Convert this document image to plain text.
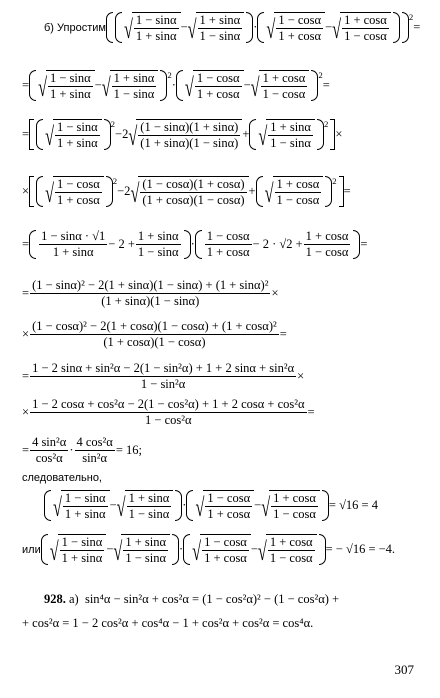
б) Упростим √ $\frac{1 - \sin\alpha}{1 + \sin\alpha}$ − √ $\frac{1 + \sin\alpha}{1 - \sin\alpha}$ · √ $\frac{1 - \cos\alpha}{1 + \cos\alpha}$ − √ $\frac{1 + \cos\alpha}{1 - \cos\alpha} ^2$
=
= √ $\frac{1 - \sin\alpha}{1 + \sin\alpha}$ − √ $\frac{1 + \sin\alpha}{1 - \sin\alpha} ^2$
· √ $\frac{1 - \cos\alpha}{1 + \cos\alpha}$ − √ $\frac{1 + \cos\alpha}{1 - \cos\alpha} ^2$
=
= √ $\frac{1 - \sin\alpha}{1 + \sin\alpha} ^2$
−2 √ $\frac{(1 - \sin\alpha)(1 + \sin\alpha)}{(1 + \sin\alpha)(1 - \sin\alpha)}$ + √ $\frac{1 + \sin\alpha}{1 - \sin\alpha} ^2$
×
× √ $\frac{1 - \cos\alpha}{1 + \cos\alpha} ^2$
−2 √ $\frac{(1 - \cos\alpha)(1 + \cos\alpha)}{(1 + \cos\alpha)(1 - \cos\alpha)}$ + √ $\frac{1 + \cos\alpha}{1 - \cos\alpha} ^2$
=
= $\frac{1 - \sin\alpha \cdot √1}{1 + \sin\alpha} - 2 + \frac{1 + \sin\alpha}{1 - \sin\alpha} \cdot \frac{1 - \cos\alpha}{1 + \cos\alpha} - 2 \cdot √2 + \frac{1 + \cos\alpha}{1 - \cos\alpha}$ =
= $\frac{\text{(1 − sinα)² − 2(1 + sinα)(1 − sinα) + (1 + sinα)²}}{(1 + \sin\alpha)(1 - \sin\alpha)}$ ×
× $\frac{\text{(1 − cosα)² − 2(1 + cosα)(1 − cosα) + (1 + cosα)²}}{(1 + \cos\alpha)(1 - \cos\alpha)}$ =
= $\frac{\text{1 − 2 sinα + sin²α − 2(1 − sin²α) + 1 + 2 sinα + sin²α}}{\text{1 − sin²α}}$ ×
× $\frac{\text{1 − 2 cosα + cos²α − 2(1 − cos²α) + 1 + 2 cosα + cos²α}}{\text{1 − cos²α}}$ =
= $\frac{\text{4 sin²α}}{\text{cos²α}} \cdot \frac{\text{4 cos²α}}{\text{sin²α}} = 16$;
следовательно,
√ $\frac{1 - \sin\alpha}{1 + \sin\alpha}$ − √ $\frac{1 + \sin\alpha}{1 - \sin\alpha}$ · √ $\frac{1 - \cos\alpha}{1 + \cos\alpha}$ − √ $\frac{1 + \cos\alpha}{1 - \cos\alpha} = √16 = 4$
или √ $\frac{1 - \sin\alpha}{1 + \sin\alpha}$ − √ $\frac{1 + \sin\alpha}{1 - \sin\alpha}$ · √ $\frac{1 - \cos\alpha}{1 + \cos\alpha}$ − √ $\frac{1 + \cos\alpha}{1 - \cos\alpha}$ = − √16 = −4.
928.
а)
sin⁴α − sin²α + cos²α = (1 − cos²α)² − (1 − cos²α) +
+ cos²α = 1 − 2 cos²α + cos⁴α − 1 + cos²α + cos²α = cos⁴α.
307
